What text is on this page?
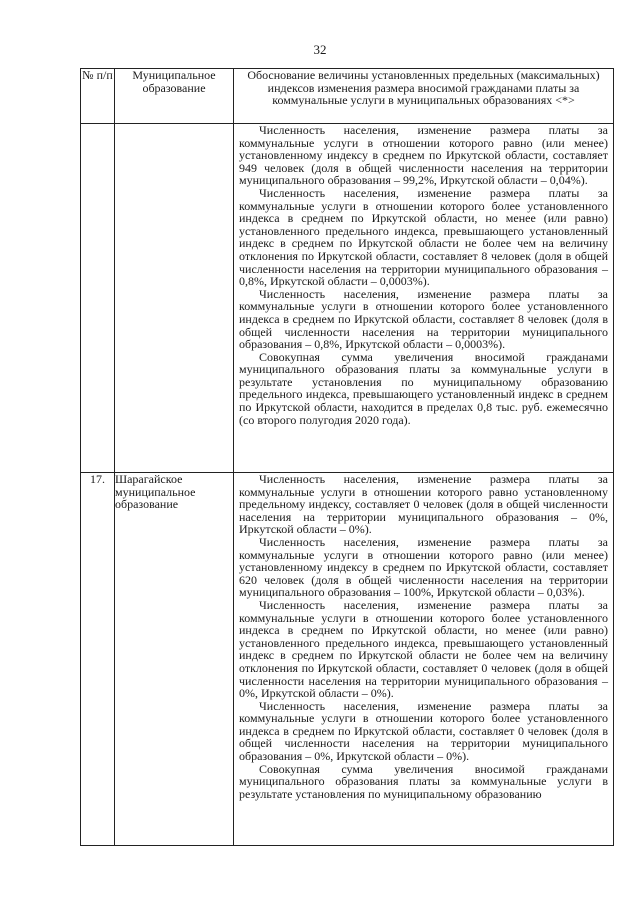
32
№ п/п	Муниципальное образование	Обоснование величины установленных предельных (максимальных) индексов изменения размера вносимой гражданами платы за коммунальные услуги в муниципальных образованиях <*>

		Численность населения, изменение размера платы за коммунальные услуги в отношении которого равно (или менее) установленному индексу в среднем по Иркутской области, составляет 949 человек (доля в общей численности населения на территории муниципального образования – 99,2%, Иркутской области – 0,04%).

Численность населения, изменение размера платы за коммунальные услуги в отношении которого более установленного индекса в среднем по Иркутской области, но менее (или равно) установленного предельного индекса, превышающего установленный индекс в среднем по Иркутской области не более чем на величину отклонения по Иркутской области, составляет 8 человек (доля в общей численности населения на территории муниципального образования – 0,8%, Иркутской области – 0,0003%).

Численность населения, изменение размера платы за коммунальные услуги в отношении которого более установленного индекса в среднем по Иркутской области, составляет 8 человек (доля в общей численности населения на территории муниципального образования – 0,8%, Иркутской области – 0,0003%).

Совокупная сумма увеличения вносимой гражданами муниципального образования платы за коммунальные услуги в результате установления по муниципальному образованию предельного индекса, превышающего установленный индекс в среднем по Иркутской области, находится в пределах 0,8 тыс. руб. ежемесячно (со второго полугодия 2020 года).

17.	Шарагайское муниципальное образование	Численность населения, изменение размера платы за коммунальные услуги в отношении которого равно установленному предельному индексу, составляет 0 человек (доля в общей численности населения на территории муниципального образования – 0%, Иркутской области – 0%).

Численность населения, изменение размера платы за коммунальные услуги в отношении которого равно (или менее) установленному индексу в среднем по Иркутской области, составляет 620 человек (доля в общей численности населения на территории муниципального образования – 100%, Иркутской области – 0,03%).

Численность населения, изменение размера платы за коммунальные услуги в отношении которого более установленного индекса в среднем по Иркутской области, но менее (или равно) установленного предельного индекса, превышающего установленный индекс в среднем по Иркутской области не более чем на величину отклонения по Иркутской области, составляет 0 человек (доля в общей численности населения на территории муниципального образования – 0%, Иркутской области – 0%).

Численность населения, изменение размера платы за коммунальные услуги в отношении которого более установленного индекса в среднем по Иркутской области, составляет 0 человек (доля в общей численности населения на территории муниципального образования – 0%, Иркутской области – 0%).

Совокупная сумма увеличения вносимой гражданами муниципального образования платы за коммунальные услуги в результате установления по муниципальному образованию
